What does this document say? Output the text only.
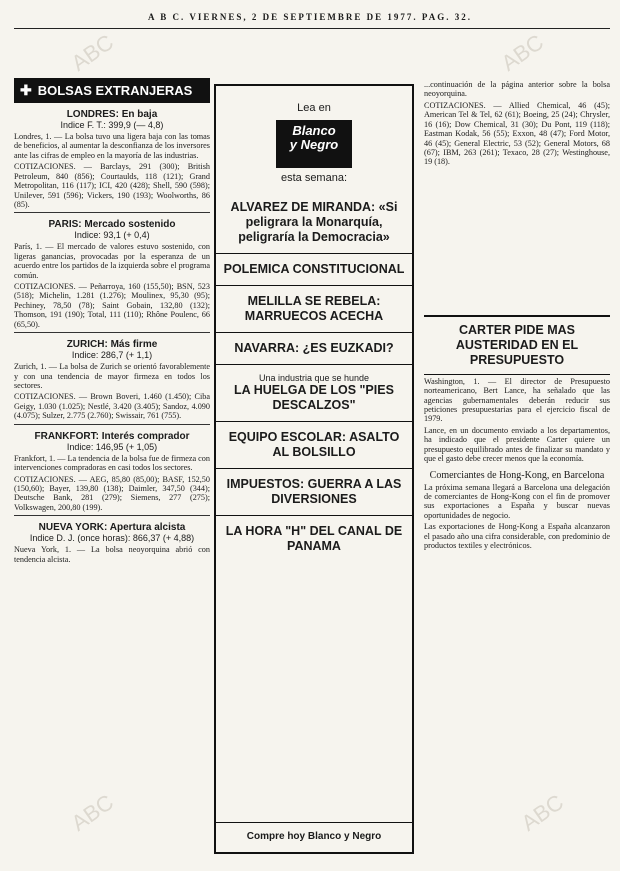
A B C. VIERNES, 2 DE SEPTIEMBRE DE 1977. PAG. 32.
✚ BOLSAS EXTRANJERAS
LONDRES: En baja
Indice F. T.: 399,9 (— 4,8)
Londres, 1. — La bolsa tuvo una ligera baja con las tomas de beneficios, al aumentar la desconfianza de los inversores ante las cifras de empleo en la mayoría de las industrias.
COTIZACIONES. — Barclays, 291 (300); British Petroleum, 840 (856); Courtaulds, 118 (121); Grand Metropolitan, 116 (117); ICI, 420 (428); Shell, 590 (598); Unilever, 591 (596); Vickers, 190 (193); Woolworths, 86 (85).
PARIS: Mercado sostenido
Indice: 93,1 (+ 0,4)
París, 1. — El mercado de valores estuvo sostenido, con ligeras ganancias, provocadas por la esperanza de un acuerdo entre los partidos de la izquierda sobre el programa común.
COTIZACIONES. — Peñarroya, 160 (155,50); BSN, 523 (518); Michelin, 1.281 (1.276); Moulinex, 95,30 (95); Pechiney, 78,50 (78); Saint Gobain, 132,80 (132); Thomson, 191 (190); Total, 111 (110); Rhône Poulenc, 66 (65,50).
ZURICH: Más firme
Indice: 286,7 (+ 1,1)
Zurich, 1. — La bolsa de Zurich se orientó favorablemente y con una tendencia de mayor firmeza en todos los sectores.
COTIZACIONES. — Brown Boveri, 1.460 (1.450); Ciba Geigy, 1.030 (1.025); Nestlé, 3.420 (3.405); Sandoz, 4.090 (4.075); Sulzer, 2.775 (2.760); Swissair, 761 (755).
FRANKFORT: Interés comprador
Indice: 146,95 (+ 1,05)
Frankfort, 1. — La tendencia de la bolsa fue de firmeza con intervenciones compradoras en casi todos los sectores.
COTIZACIONES. — AEG, 85,80 (85,00); BASF, 152,50 (150,60); Bayer, 139,80 (138); Daimler, 347,50 (344); Deutsche Bank, 281 (279); Siemens, 277 (275); Volkswagen, 200,80 (199).
NUEVA YORK: Apertura alcista
Indice D. J. (once horas): 866,37 (+ 4,88)
Nueva York, 1. — La bolsa neoyorquina abrió con tendencia alcista.
Lea en
Blanco
y Negro
esta semana:
ALVAREZ DE MIRANDA: «Si peligrara la Monarquía, peligraría la Democracia»
POLEMICA CONSTITUCIONAL
MELILLA SE REBELA: MARRUECOS ACECHA
NAVARRA: ¿ES EUZKADI?
Una industria que se hunde
LA HUELGA DE LOS "PIES DESCALZOS"
EQUIPO ESCOLAR: ASALTO AL BOLSILLO
IMPUESTOS: GUERRA A LAS DIVERSIONES
LA HORA "H" DEL CANAL DE PANAMA
Compre hoy Blanco y Negro
...continuación de la página anterior sobre la bolsa neoyorquina.
COTIZACIONES. — Allied Chemical, 46 (45); American Tel & Tel, 62 (61); Boeing, 25 (24); Chrysler, 16 (16); Dow Chemical, 31 (30); Du Pont, 119 (118); Eastman Kodak, 56 (55); Exxon, 48 (47); Ford Motor, 46 (45); General Electric, 53 (52); General Motors, 68 (67); IBM, 263 (261); Texaco, 28 (27); Westinghouse, 19 (18).
CARTER PIDE MAS AUSTERIDAD EN EL PRESUPUESTO
Washington, 1. — El director de Presupuesto norteamericano, Bert Lance, ha señalado que las agencias gubernamentales deberán reducir sus peticiones presupuestarias para el ejercicio fiscal de 1979.
Lance, en un documento enviado a los departamentos, ha indicado que el presidente Carter quiere un presupuesto equilibrado antes de finalizar su mandato y que el gasto debe crecer menos que la economía.
Comerciantes de Hong-Kong, en Barcelona
La próxima semana llegará a Barcelona una delegación de comerciantes de Hong-Kong con el fin de promover sus exportaciones a España y buscar nuevas oportunidades de negocio.
Las exportaciones de Hong-Kong a España alcanzaron el pasado año una cifra considerable, con predominio de productos textiles y electrónicos.
ABC	ABC
ABC	ABC
